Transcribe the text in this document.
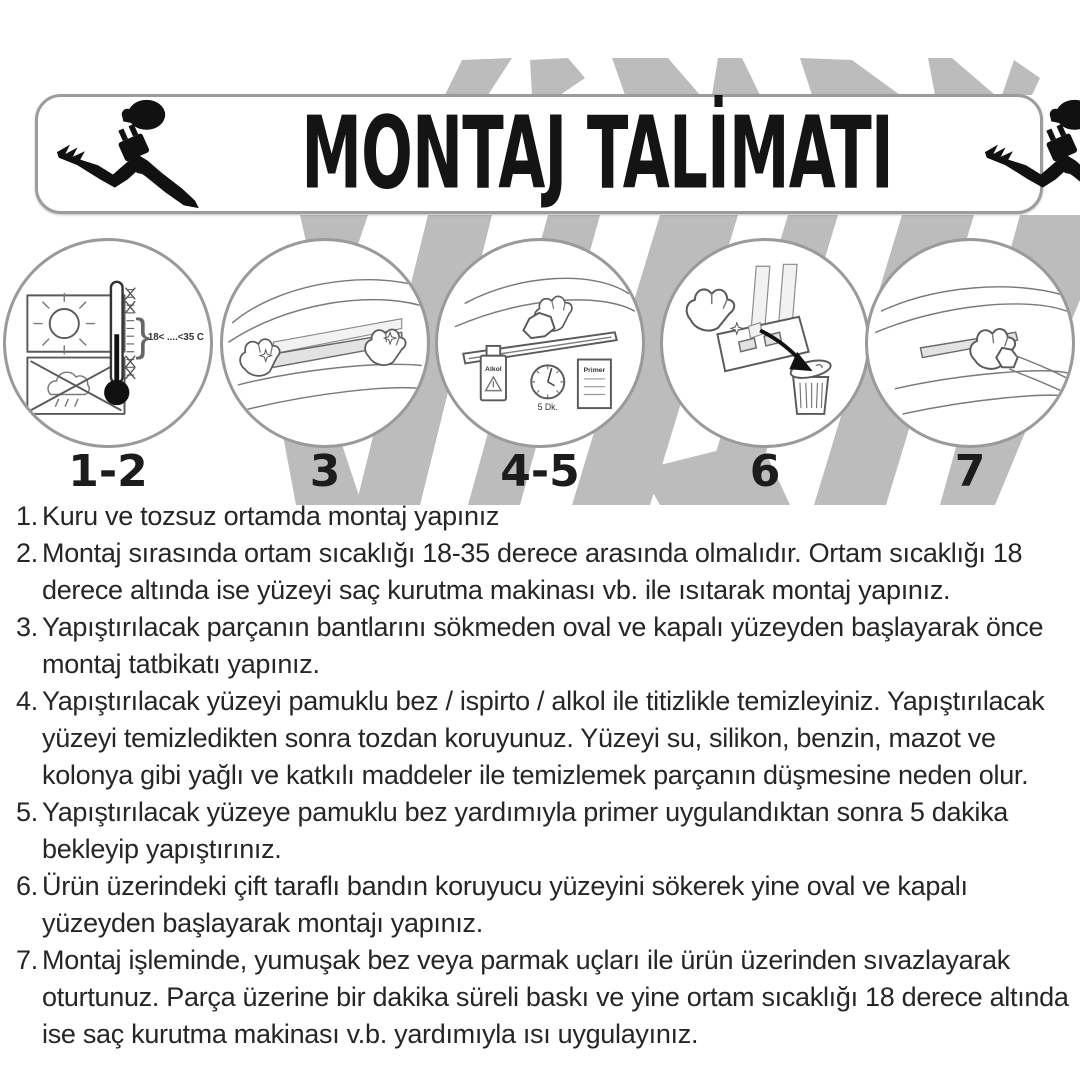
MONTAJ TALİMATI
}
18< ....<35 C
Alkol
5 Dk.
Primer
1-2	3	4-5	6	7
1. Kuru ve tozsuz ortamda montaj yapınız
2. Montaj sırasında ortam sıcaklığı 18-35 derece arasında olmalıdır. Ortam sıcaklığı 18 derece altında ise yüzeyi saç kurutma makinası vb. ile ısıtarak montaj yapınız.
3. Yapıştırılacak parçanın bantlarını sökmeden oval ve kapalı yüzeyden başlayarak önce montaj tatbikatı yapınız.
4. Yapıştırılacak yüzeyi pamuklu bez / ispirto / alkol ile titizlikle temizleyiniz. Yapıştırılacak yüzeyi temizledikten sonra tozdan koruyunuz. Yüzeyi su, silikon, benzin, mazot ve kolonya gibi yağlı ve katkılı maddeler ile temizlemek parçanın düşmesine neden olur.
5. Yapıştırılacak yüzeye pamuklu bez yardımıyla primer uygulandıktan sonra 5 dakika bekleyip yapıştırınız.
6. Ürün üzerindeki çift taraflı bandın koruyucu yüzeyini sökerek yine oval ve kapalı yüzeyden başlayarak montajı yapınız.
7. Montaj işleminde, yumuşak bez veya parmak uçları ile ürün üzerinden sıvazlayarak oturtunuz. Parça üzerine bir dakika süreli baskı ve yine ortam sıcaklığı 18 derece altında ise saç kurutma makinası v.b. yardımıyla ısı uygulayınız.
